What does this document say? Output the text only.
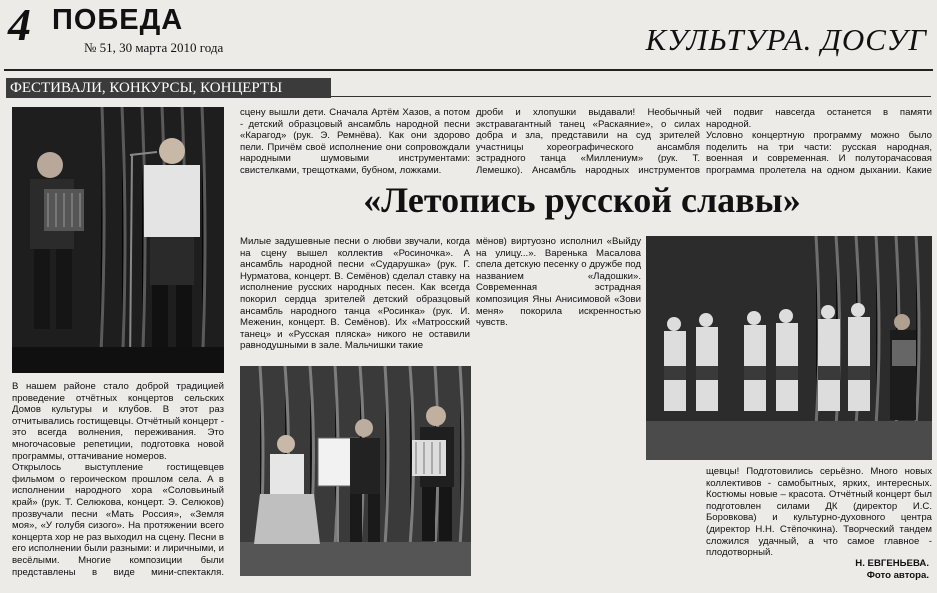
4 ПОБЕДА
№ 51, 30 марта 2010 года	КУЛЬТУРА. ДОСУГ
ФЕСТИВАЛИ, КОНКУРСЫ, КОНЦЕРТЫ
«Летопись русской славы»
сцену вышли дети. Сначала Артём Хазов, а потом - детский образцовый ансамбль народной песни «Карагод» (рук. Э. Ремнёва). Как они здорово пели. Причём своё исполнение они сопровождали народными шумовыми инструментами: свистелками, трещотками, бубном, ложками.
дроби и хлопушки выдавали! Необычный экстравагантный танец «Раскаяние», о силах добра и зла, представили на суд зрителей участницы хореографического ансамбля эстрадного танца «Миллениум» (рук. Т. Лемешко). Ансамбль народных инструментов
чей подвиг навсегда останется в памяти народной.
Условно концертную программу можно было поделить на три части: русская народная, военная и современная. И полуторачасовая программа пролетела на одном дыхании. Какие
Милые задушевные песни о любви звучали, когда на сцену вышел коллектив «Росиночка». А ансамбль народной песни «Сударушка» (рук. Г. Нурматова, концерт. В. Семёнов) сделал ставку на исполнение русских народных песен. Как всегда покорил сердца зрителей детский образцовый ансамбль народного танца «Росинка» (рук. И. Меженин, концерт. В. Семёнов). Их «Матросский танец» и «Русская пляска» никого не оставили равнодушными в зале. Мальчишки такие
мёнов) виртуозно исполнил «Выйду на улицу...». Варенька Масалова спела детскую песенку о дружбе под названием «Ладошки». Современная эстрадная композиция Яны Анисимовой «Зови меня» покорила искренностью чувств.

В нашем районе стало доброй традицией проведение отчётных концертов сельских Домов культуры и клубов. В этот раз отчитывались гостищевцы. Отчётный концерт - это всегда волнения, переживания. Это многочасовые репетиции, подготовка новой программы, оттачивание номеров.
Открылось выступление гостищевцев фильмом о героическом прошлом села. А в исполнении народного хора «Соловьиный край» (рук. Т. Селюкова, концерт. Э. Селюков) прозвучали песни «Мать Россия», «Земля моя», «У голубя сизого». На протяжении всего концерта хор не раз выходил на сцену. Песни в его исполнении были разными: и лиричными, и весёлыми. Многие композиции были представлены в виде мини-спектакля.
щевцы! Подготовились серьёзно. Много новых коллективов - самобытных, ярких, интересных. Костюмы новые – красота. Отчётный концерт был подготовлен силами ДК (директор И.С. Боровкова) и культурно-духовного центра (директор Н.Н. Стёпочкина). Творческий тандем сложился удачный, а что самое главное - плодотворный.
Н. ЕВГЕНЬЕВА.
Фото автора.
